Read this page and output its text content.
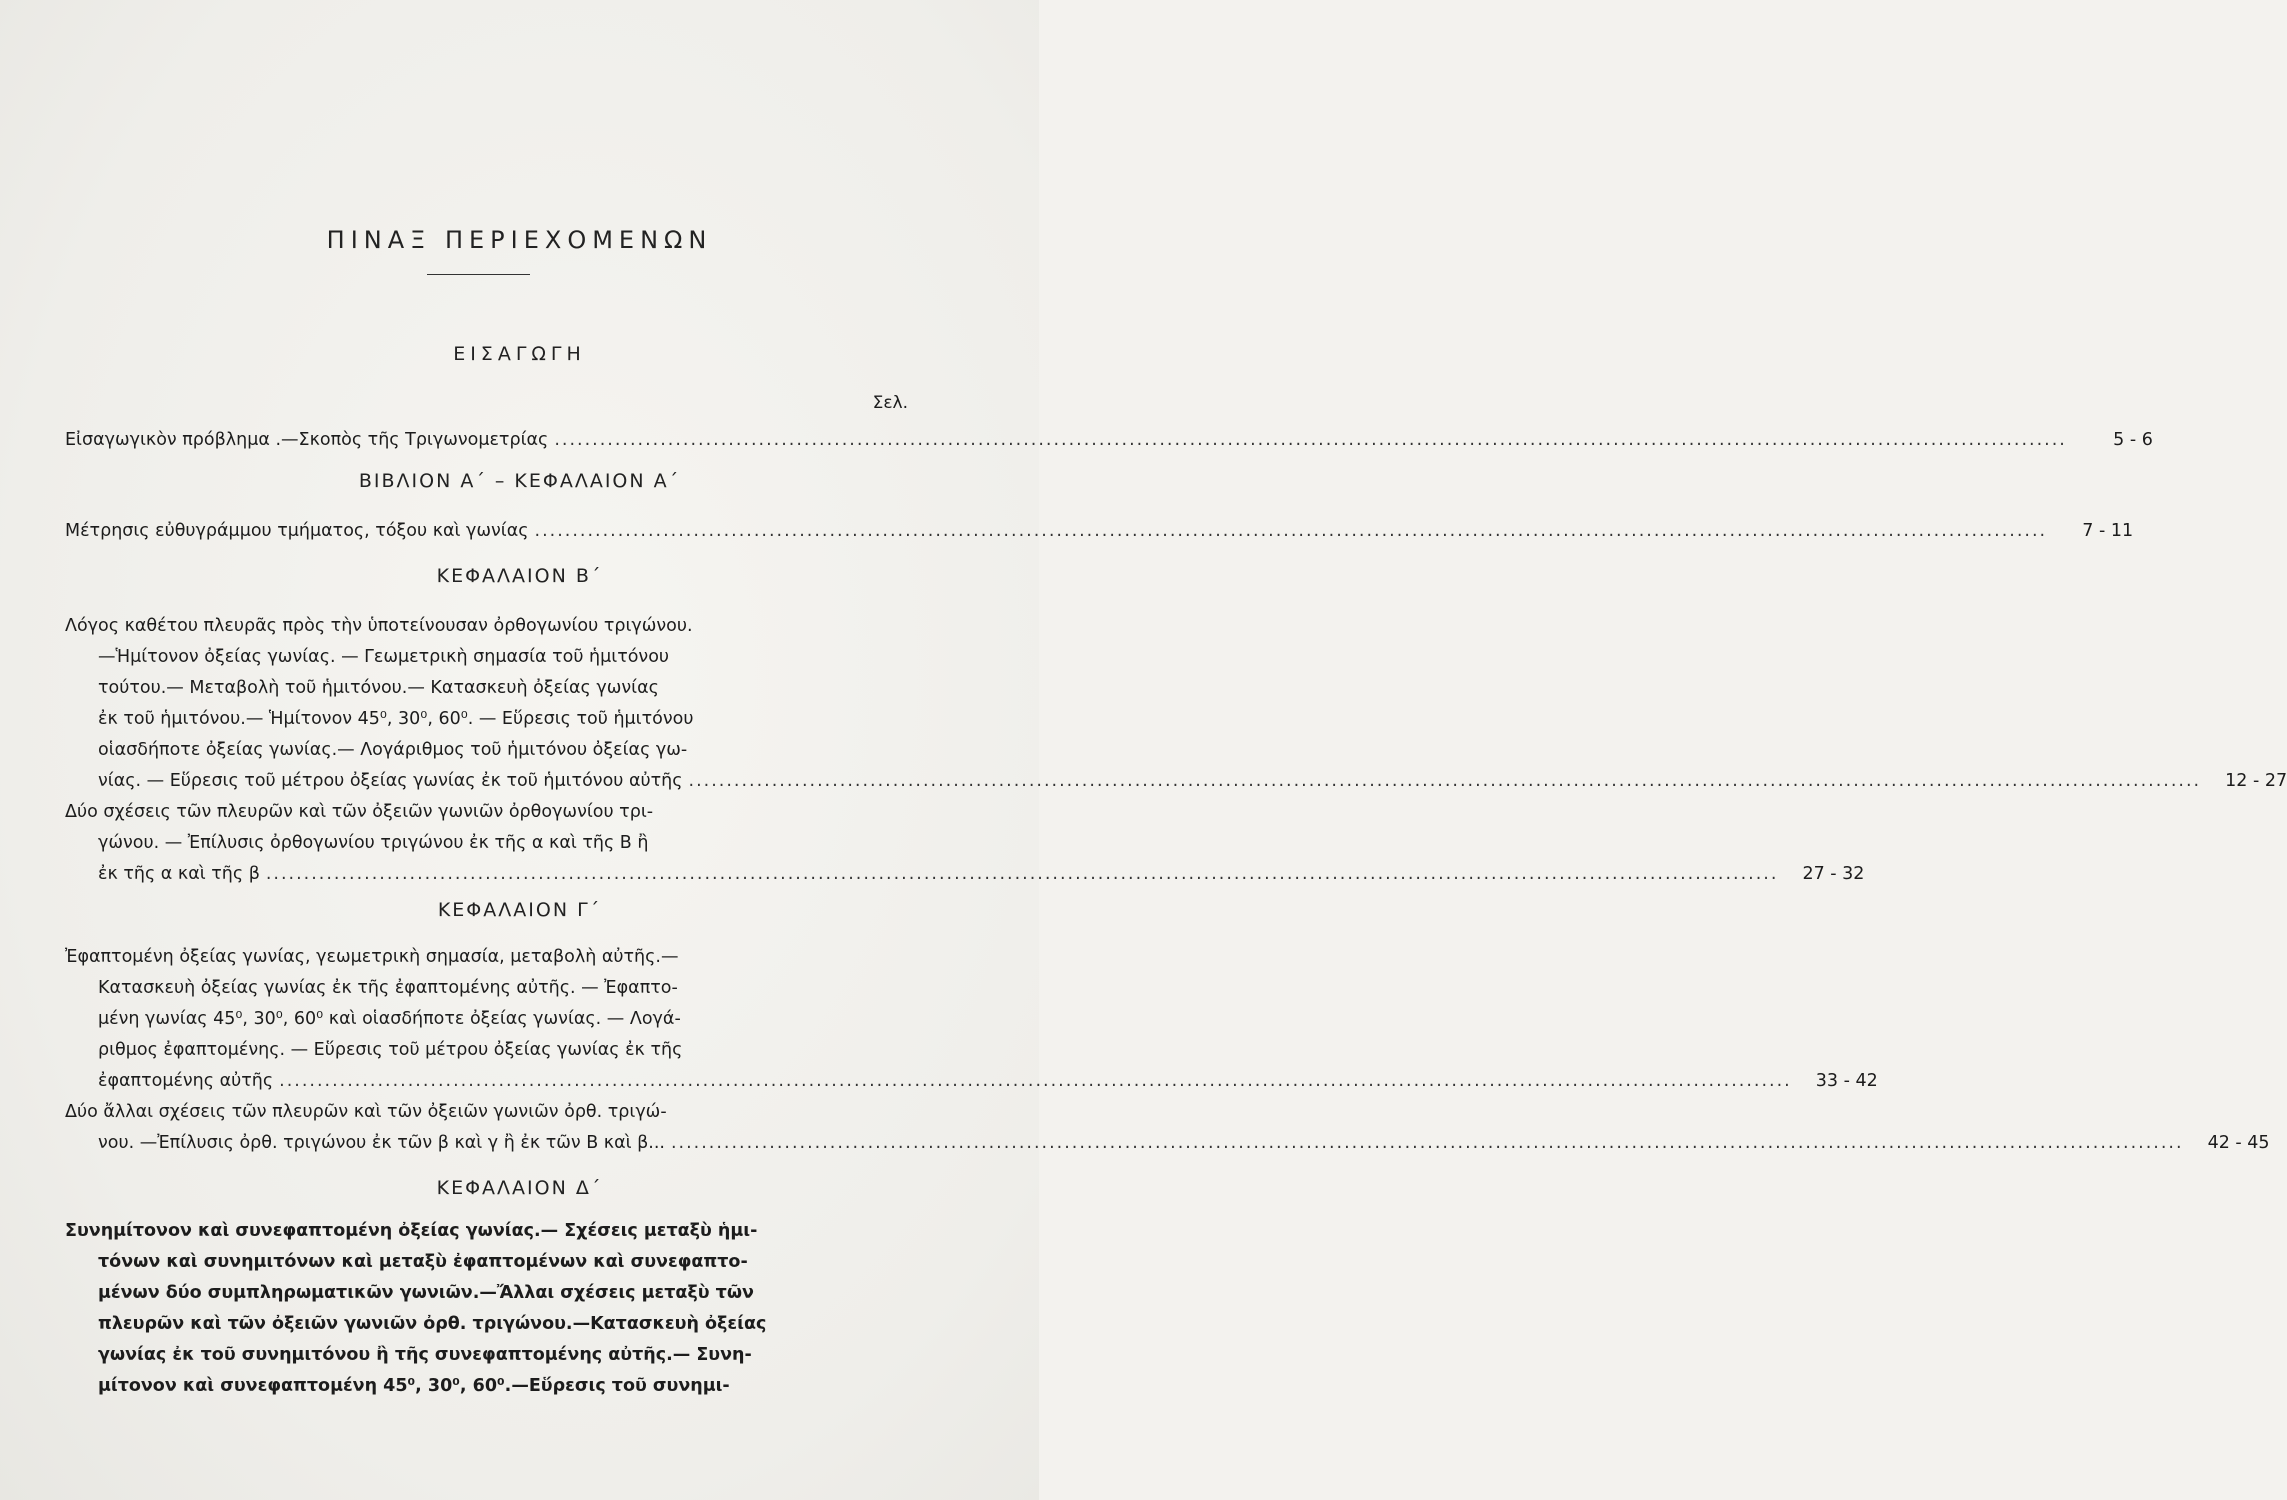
ΠΙΝΑΞ ΠΕΡΙΕΧΟΜΕΝΩΝ
ΕΙΣΑΓΩΓΗ
Σελ.
Εἰσαγωγικὸν πρόβλημα .—Σκοπὸς τῆς Τριγωνομετρίας ........................................................................................................................................................................................................	5 - 6
ΒΙΒΛΙΟΝ Α΄ – ΚΕΦΑΛΑΙΟΝ Α΄
Μέτρησις εὐθυγράμμου τμήματος, τόξου καὶ γωνίας ........................................................................................................................................................................................................	7 - 11
ΚΕΦΑΛΑΙΟΝ Β΄
Λόγος καθέτου πλευρᾶς πρὸς τὴν ὑποτείνουσαν ὀρθογωνίου τριγώνου.
—Ἡμίτονον ὀξείας γωνίας. — Γεωμετρικὴ σημασία τοῦ ἡμιτόνου
τούτου.— Μεταβολὴ τοῦ ἡμιτόνου.— Κατασκευὴ ὀξείας γωνίας
ἐκ τοῦ ἡμιτόνου.— Ἡμίτονον 45⁰, 30⁰, 60⁰. — Εὕρεσις τοῦ ἡμιτόνου
οἱασδήποτε ὀξείας γωνίας.— Λογάριθμος τοῦ ἡμιτόνου ὀξείας γω-
νίας. — Εὕρεσις τοῦ μέτρου ὀξείας γωνίας ἐκ τοῦ ἡμιτόνου αὐτῆς ........................................................................................................................................................................................................	12 - 27
Δύο σχέσεις τῶν πλευρῶν καὶ τῶν ὀξειῶν γωνιῶν ὀρθογωνίου τρι-
γώνου. — Ἐπίλυσις ὀρθογωνίου τριγώνου ἐκ τῆς α καὶ τῆς Β ἢ
ἐκ τῆς α καὶ τῆς β ........................................................................................................................................................................................................	27 - 32
ΚΕΦΑΛΑΙΟΝ Γ΄
Ἐφαπτομένη ὀξείας γωνίας, γεωμετρικὴ σημασία, μεταβολὴ αὐτῆς.—
Κατασκευὴ ὀξείας γωνίας ἐκ τῆς ἐφαπτομένης αὐτῆς. — Ἐφαπτο-
μένη γωνίας 45⁰, 30⁰, 60⁰ καὶ οἱασδήποτε ὀξείας γωνίας. — Λογά-
ριθμος ἐφαπτομένης. — Εὕρεσις τοῦ μέτρου ὀξείας γωνίας ἐκ τῆς
ἐφαπτομένης αὐτῆς ........................................................................................................................................................................................................	33 - 42
Δύο ἄλλαι σχέσεις τῶν πλευρῶν καὶ τῶν ὀξειῶν γωνιῶν ὀρθ. τριγώ-
νου. —Ἐπίλυσις ὀρθ. τριγώνου ἐκ τῶν β καὶ γ ἢ ἐκ τῶν Β καὶ β... ........................................................................................................................................................................................................	42 - 45
ΚΕΦΑΛΑΙΟΝ Δ΄
Συνημίτονον καὶ συνεφαπτομένη ὀξείας γωνίας.— Σχέσεις μεταξὺ ἡμι-
τόνων καὶ συνημιτόνων καὶ μεταξὺ ἐφαπτομένων καὶ συνεφαπτο-
μένων δύο συμπληρωματικῶν γωνιῶν.—Ἄλλαι σχέσεις μεταξὺ τῶν
πλευρῶν καὶ τῶν ὀξειῶν γωνιῶν ὀρθ. τριγώνου.—Κατασκευὴ ὀξείας
γωνίας ἐκ τοῦ συνημιτόνου ἢ τῆς συνεφαπτομένης αὐτῆς.— Συνη-
μίτονον καὶ συνεφαπτομένη 45⁰, 30⁰, 60⁰.—Εὕρεσις τοῦ συνημι-
